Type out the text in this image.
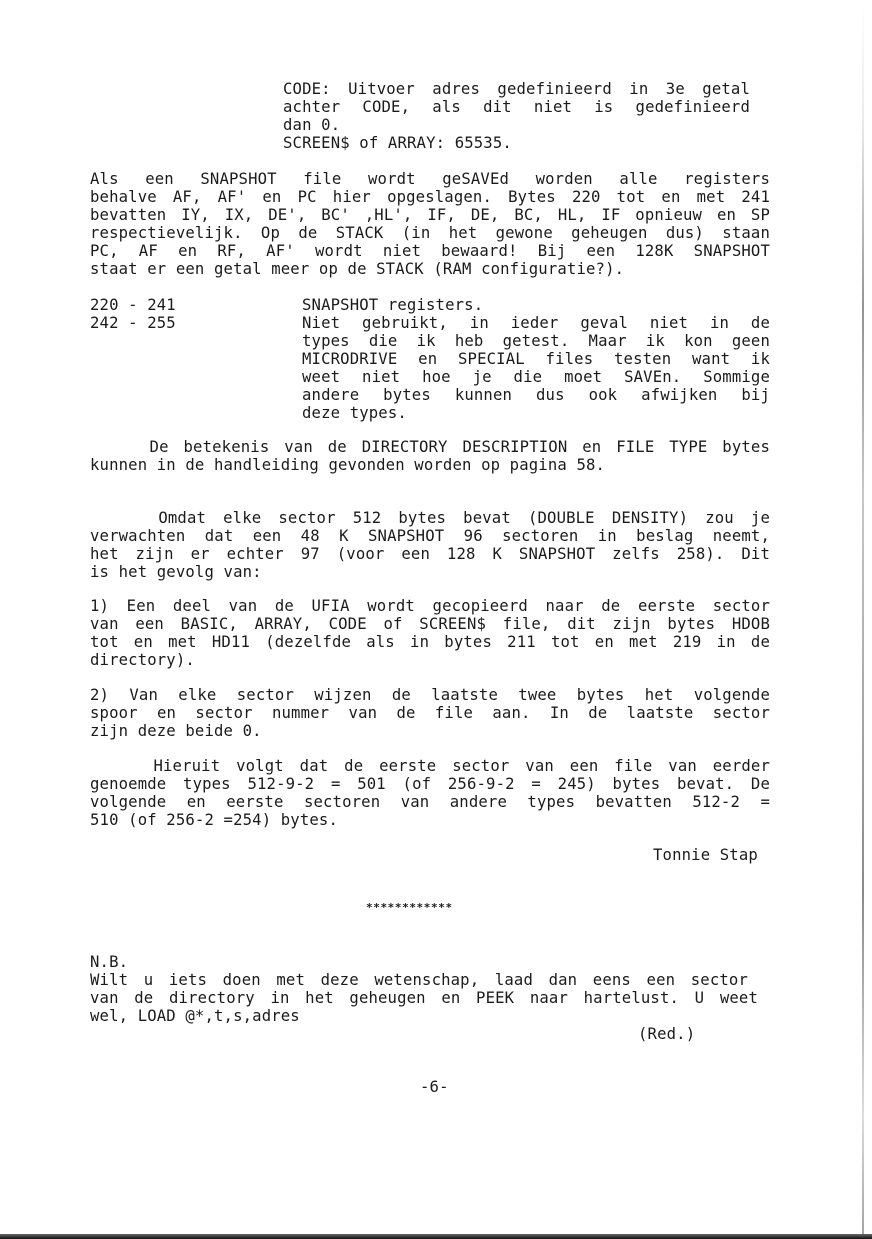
CODE: Uitvoer adres gedefinieerd in 3e getal
achter CODE, als dit niet is gedefinieerd
dan 0.
SCREEN$ of ARRAY: 65535.
Als een SNAPSHOT file wordt geSAVEd worden alle registers
behalve AF, AF' en PC hier opgeslagen. Bytes 220 tot en met 241
bevatten IY, IX, DE', BC' ,HL', IF, DE, BC, HL, IF opnieuw en SP
respectievelijk. Op de STACK (in het gewone geheugen dus) staan
PC, AF en RF, AF' wordt niet bewaard! Bij een 128K SNAPSHOT
staat er een getal meer op de STACK (RAM configuratie?).
220 - 241	SNAPSHOT registers.
242 - 255	Niet gebruikt, in ieder geval niet in de
types die ik heb getest. Maar ik kon geen
MICRODRIVE en SPECIAL files testen want ik
weet niet hoe je die moet SAVEn. Sommige
andere bytes kunnen dus ook afwijken bij
deze types.
De betekenis van de DIRECTORY DESCRIPTION en FILE TYPE bytes
kunnen in de handleiding gevonden worden op pagina 58.
Omdat elke sector 512 bytes bevat (DOUBLE DENSITY) zou je
verwachten dat een 48 K SNAPSHOT 96 sectoren in beslag neemt,
het zijn er echter 97 (voor een 128 K SNAPSHOT zelfs 258). Dit
is het gevolg van:
1) Een deel van de UFIA wordt gecopieerd naar de eerste sector
van een BASIC, ARRAY, CODE of SCREEN$ file, dit zijn bytes HDOB
tot en met HD11 (dezelfde als in bytes 211 tot en met 219 in de
directory).
2) Van elke sector wijzen de laatste twee bytes het volgende
spoor en sector nummer van de file aan. In de laatste sector
zijn deze beide 0.
Hieruit volgt dat de eerste sector van een file van eerder
genoemde types 512-9-2 = 501 (of 256-9-2 = 245) bytes bevat. De
volgende en eerste sectoren van andere types bevatten 512-2 =
510 (of 256-2 =254) bytes.
Tonnie Stap
************
N.B.
Wilt u iets doen met deze wetenschap, laad dan eens een sector
van de directory in het geheugen en PEEK naar hartelust. U weet
wel, LOAD @*,t,s,adres
(Red.)
-6-
